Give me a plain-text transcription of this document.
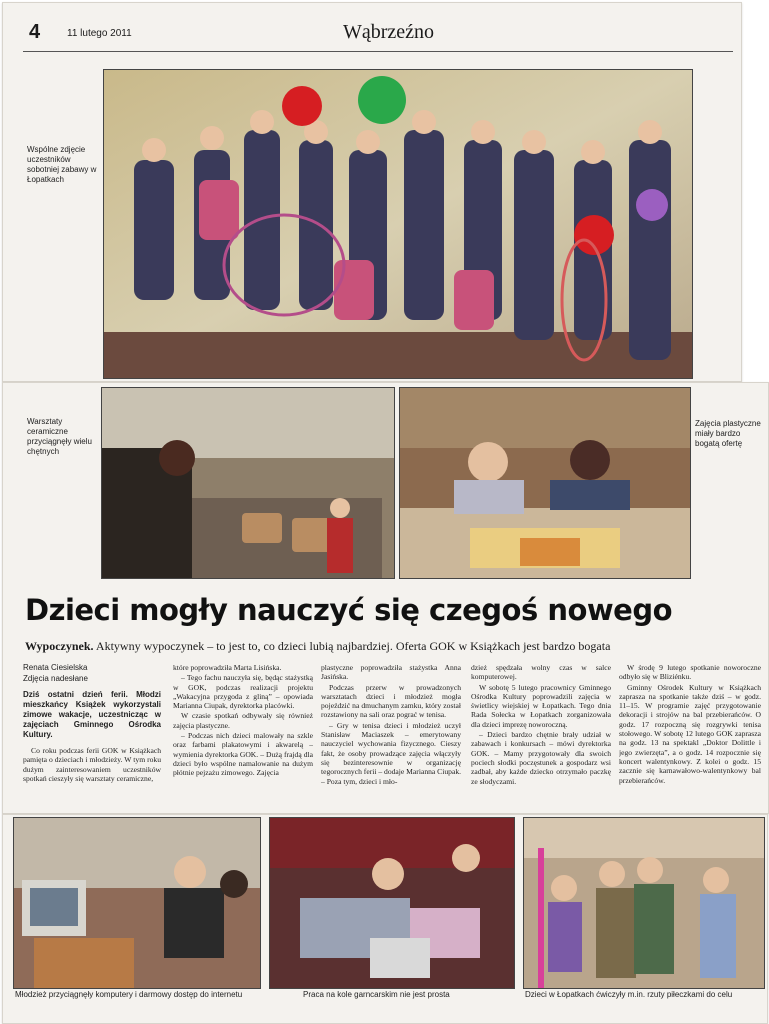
4	11 lutego 2011	Wąbrzeźno
Wspólne zdjęcie uczestników sobotniej zabawy w Łopatkach
Warsztaty ceramiczne przyciągnęły wielu chętnych
Zajęcia plastyczne miały bardzo bogatą ofertę
Dzieci mogły nauczyć się czegoś nowego
Wypoczynek. Aktywny wypoczynek – to jest to, co dzieci lubią najbardziej. Oferta GOK w Książkach jest bardzo bogata

Renata Ciesielska

Zdjęcia nadesłane

Dziś ostatni dzień ferii. Młodzi mieszkańcy Książek wykorzystali zimowe wakacje, uczestnicząc w zajęciach Gminnego Ośrodka Kultury.

Co roku podczas ferii GOK w Książkach pamięta o dzieciach i młodzieży. W tym roku dużym zainteresowaniem uczestników spotkań cieszyły się warsztaty ceramiczne,

które poprowadziła Marta Lisińska.

– Tego fachu nauczyła się, będąc stażystką w GOK, podczas realizacji projektu „Wakacyjna przygoda z gliną” – opowiada Marianna Ciupak, dyrektorka placówki.

W czasie spotkań odbywały się również zajęcia plastyczne.

– Podczas nich dzieci malowały na szkle oraz farbami plakatowymi i akwarelą – wymienia dyrektorka GOK. – Dużą frajdą dla dzieci było wspólne namalowanie na dużym płótnie pejzażu zimowego. Zajęcia

plastyczne poprowadziła stażystka Anna Jasińska.

Podczas przerw w prowadzonych warsztatach dzieci i młodzież mogła pojeździć na dmuchanym zamku, który został rozstawiony na sali oraz pograć w tenisa.

– Gry w tenisa dzieci i młodzież uczył Stanisław Maciaszek – emerytowany nauczyciel wychowania fizycznego. Cieszy fakt, że osoby prowadzące zajęcia włączyły się bezinteresownie w organizację tegorocznych ferii – dodaje Marianna Ciupak. – Poza tym, dzieci i mło-

dzież spędzała wolny czas w salce komputerowej.

W sobotę 5 lutego pracownicy Gminnego Ośrodka Kultury poprowadzili zajęcia w świetlicy wiejskiej w Łopatkach. Tego dnia Rada Sołecka w Łopatkach zorganizowała dla dzieci imprezę noworoczną.

– Dzieci bardzo chętnie brały udział w zabawach i konkursach – mówi dyrektorka GOK. – Mamy przygotowały dla swoich pociech słodki poczęstunek a gospodarz wsi zadbał, aby każde dziecko otrzymało paczkę ze słodyczami.

W środę 9 lutego spotkanie noworoczne odbyło się w Bliziénku.

Gminny Ośrodek Kultury w Książkach zaprasza na spotkanie także dziś – w godz. 11–15. W programie zajęć przygotowanie dekoracji i strojów na bal przebierańców. O godz. 17 rozpoczną się rozgrywki tenisa stołowego. W sobotę 12 lutego GOK zaprasza na godz. 13 na spektakl „Doktor Dolittle i jego zwierzęta”, a o godz. 14 rozpocznie się koncert walentynkowy. Z kolei o godz. 15 zacznie się karnawałowo-walentynkowy bal przebierańców.

Młodzież przyciągnęły komputery i darmowy dostęp do internetu	Praca na kole garncarskim nie jest prosta	Dzieci w Łopatkach ćwiczyły m.in. rzuty piłeczkami do celu
